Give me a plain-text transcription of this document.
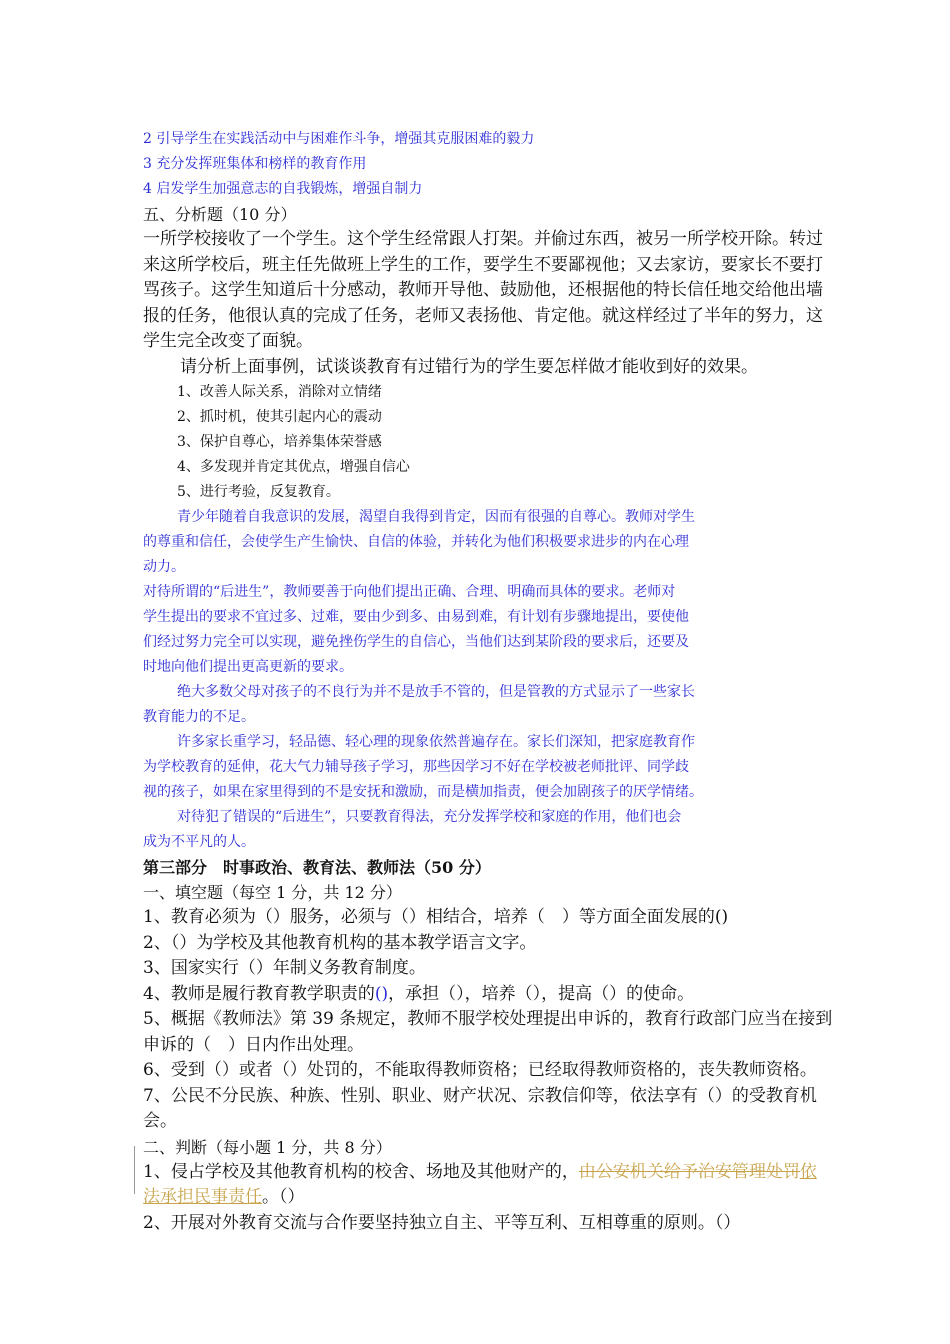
2 引导学生在实践活动中与困难作斗争，增强其克服困难的毅力
3 充分发挥班集体和榜样的教育作用
4 启发学生加强意志的自我锻炼，增强自制力
五、分析题（10 分）
一所学校接收了一个学生。这个学生经常跟人打架。并偷过东西，被另一所学校开除。转过
来这所学校后，班主任先做班上学生的工作，要学生不要鄙视他；又去家访，要家长不要打
骂孩子。这学生知道后十分感动，教师开导他、鼓励他，还根据他的特长信任地交给他出墙
报的任务，他很认真的完成了任务，老师又表扬他、肯定他。就这样经过了半年的努力，这
学生完全改变了面貌。
请分析上面事例，试谈谈教育有过错行为的学生要怎样做才能收到好的效果。
1、改善人际关系，消除对立情绪
2、抓时机，使其引起内心的震动
3、保护自尊心，培养集体荣誉感
4、多发现并肯定其优点，增强自信心
5、进行考验，反复教育。
青少年随着自我意识的发展，渴望自我得到肯定，因而有很强的自尊心。教师对学生
的尊重和信任，会使学生产生愉快、自信的体验，并转化为他们积极要求进步的内在心理
动力。
对待所谓的“后进生”，教师要善于向他们提出正确、合理、明确而具体的要求。老师对
学生提出的要求不宜过多、过难，要由少到多、由易到难，有计划有步骤地提出，要使他
们经过努力完全可以实现，避免挫伤学生的自信心，当他们达到某阶段的要求后，还要及
时地向他们提出更高更新的要求。
绝大多数父母对孩子的不良行为并不是放手不管的，但是管教的方式显示了一些家长
教育能力的不足。
许多家长重学习，轻品德、轻心理的现象依然普遍存在。家长们深知，把家庭教育作
为学校教育的延伸，花大气力辅导孩子学习，那些因学习不好在学校被老师批评、同学歧
视的孩子，如果在家里得到的不是安抚和激励，而是横加指责，便会加剧孩子的厌学情绪。
对待犯了错误的“后进生”，只要教育得法，充分发挥学校和家庭的作用，他们也会
成为不平凡的人。
第三部分　时事政治、教育法、教师法（50 分）
一、填空题（每空 1 分，共 12 分）
1、教育必须为（）服务，必须与（）相结合，培养（　）等方面全面发展的()
2、（）为学校及其他教育机构的基本教学语言文字。
3、国家实行（）年制义务教育制度。
4、教师是履行教育教学职责的()，承担（），培养（），提高（）的使命。
5、概据《教师法》第 39 条规定，教师不服学校处理提出申诉的，教育行政部门应当在接到
申诉的（　）日内作出处理。
6、受到（）或者（）处罚的，不能取得教师资格；已经取得教师资格的，丧失教师资格。
7、公民不分民族、种族、性别、职业、财产状况、宗教信仰等，依法享有（）的受教育机
会。
二、判断（每小题 1 分，共 8 分）
1、侵占学校及其他教育机构的校舍、场地及其他财产的，由公安机关给予治安管理处罚依
法承担民事责任。（）
2、开展对外教育交流与合作要坚持独立自主、平等互利、互相尊重的原则。（）
